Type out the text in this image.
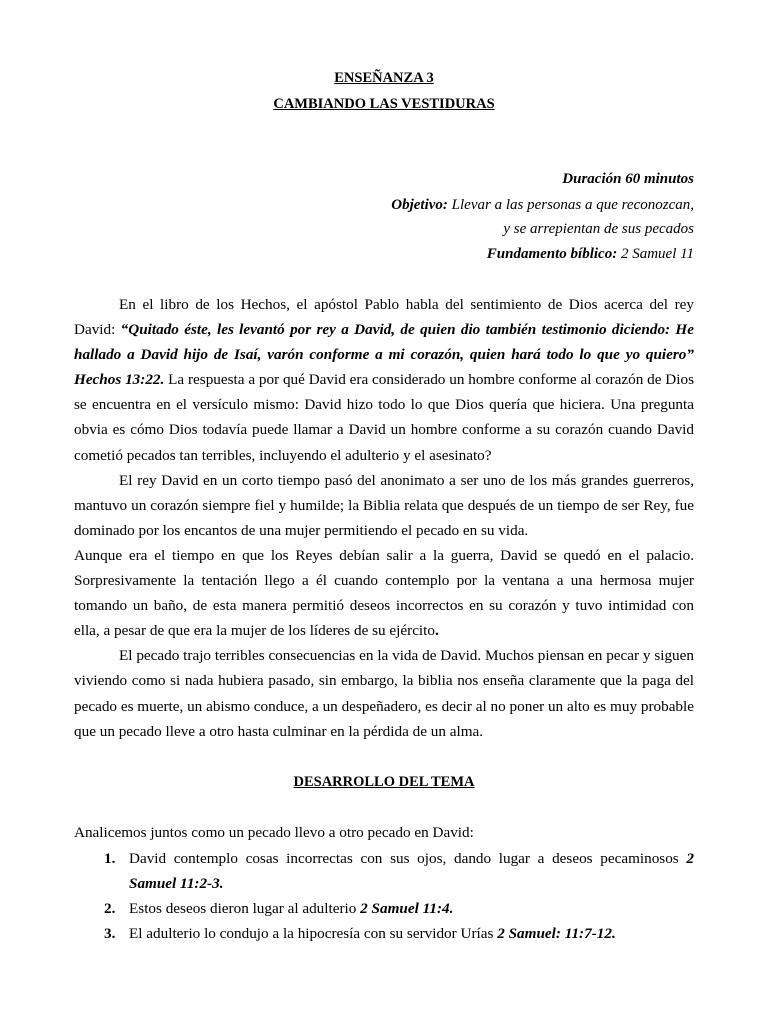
ENSEÑANZA 3
CAMBIANDO LAS VESTIDURAS
Duración 60 minutos
Objetivo: Llevar a las personas a que reconozcan,
y se arrepientan de sus pecados
Fundamento bíblico: 2 Samuel 11

En el libro de los Hechos, el apóstol Pablo habla del sentimiento de Dios acerca del rey David: “Quitado éste, les levantó por rey a David, de quien dio también testimonio diciendo: He hallado a David hijo de Isaí, varón conforme a mi corazón, quien hará todo lo que yo quiero” Hechos 13:22. La respuesta a por qué David era considerado un hombre conforme al corazón de Dios se encuentra en el versículo mismo: David hizo todo lo que Dios quería que hiciera. Una pregunta obvia es cómo Dios todavía puede llamar a David un hombre conforme a su corazón cuando David cometió pecados tan terribles, incluyendo el adulterio y el asesinato?

El rey David en un corto tiempo pasó del anonimato a ser uno de los más grandes guerreros, mantuvo un corazón siempre fiel y humilde; la Biblia relata que después de un tiempo de ser Rey, fue dominado por los encantos de una mujer permitiendo el pecado en su vida.

Aunque era el tiempo en que los Reyes debían salir a la guerra, David se quedó en el palacio. Sorpresivamente la tentación llego a él cuando contemplo por la ventana a una hermosa mujer tomando un baño, de esta manera permitió deseos incorrectos en su corazón y tuvo intimidad con ella, a pesar de que era la mujer de los líderes de su ejército.

El pecado trajo terribles consecuencias en la vida de David. Muchos piensan en pecar y siguen viviendo como si nada hubiera pasado, sin embargo, la biblia nos enseña claramente que la paga del pecado es muerte, un abismo conduce, a un despeñadero, es decir al no poner un alto es muy probable que un pecado lleve a otro hasta culminar en la pérdida de un alma.

DESARROLLO DEL TEMA
Analicemos juntos como un pecado llevo a otro pecado en David:
1. David contemplo cosas incorrectas con sus ojos, dando lugar a deseos pecaminosos 2 Samuel 11:2-3.
2. Estos deseos dieron lugar al adulterio 2 Samuel 11:4.
3. El adulterio lo condujo a la hipocresía con su servidor Urías 2 Samuel: 11:7-12.
